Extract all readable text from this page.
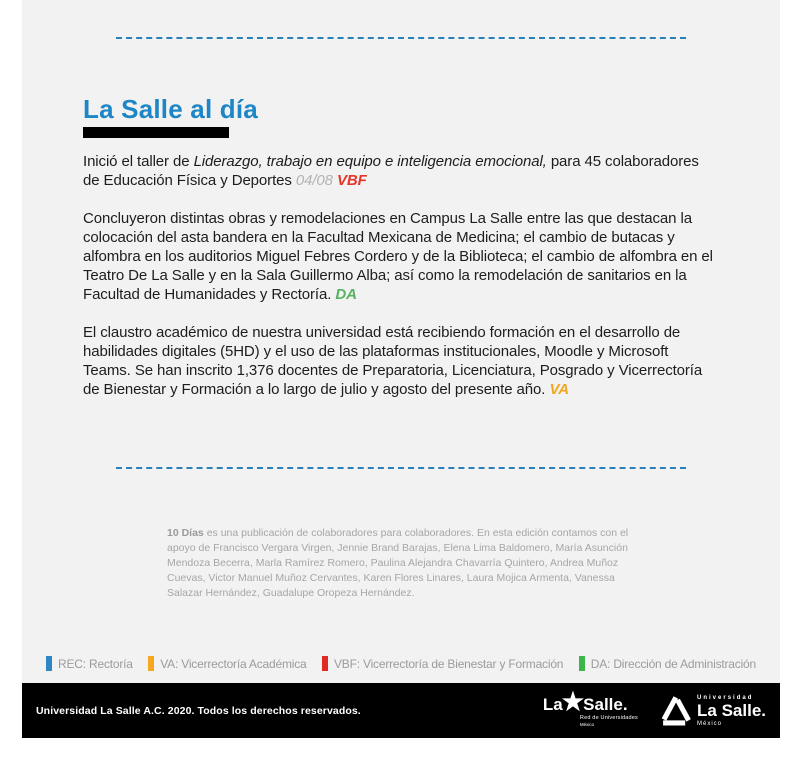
La Salle al día

Inició el taller de Liderazgo, trabajo en equipo e inteligencia emocional, para 45 colaboradores de Educación Física y Deportes 04/08 VBF

Concluyeron distintas obras y remodelaciones en Campus La Salle entre las que destacan la colocación del asta bandera en la Facultad Mexicana de Medicina; el cambio de butacas y alfombra en los auditorios Miguel Febres Cordero y de la Biblioteca; el cambio de alfombra en el Teatro De La Salle y en la Sala Guillermo Alba; así como la remodelación de sanitarios en la Facultad de Humanidades y Rectoría. DA

El claustro académico de nuestra universidad está recibiendo formación en el desarrollo de habilidades digitales (5HD) y el uso de las plataformas institucionales, Moodle y Microsoft Teams. Se han inscrito 1,376 docentes de Preparatoria, Licenciatura, Posgrado y Vicerrectoría de Bienestar y Formación a lo largo de julio y agosto del presente año. VA

10 Días es una publicación de colaboradores para colaboradores. En esta edición contamos con el apoyo de Francisco Vergara Virgen, Jennie Brand Barajas, Elena Lima Baldomero, María Asunción Mendoza Becerra, Marla Ramírez Romero, Paulina Alejandra Chavarría Quintero, Andrea Muñoz Cuevas, Victor Manuel Muñoz Cervantes, Karen Flores Linares, Laura Mojica Armenta, Vanessa Salazar Hernández, Guadalupe Oropeza Hernández.

REC: Rectoría VA: Vicerrectoría Académica VBF: Vicerrectoría de Bienestar y Formación DA: Dirección de Administración
Universidad La Salle A.C. 2020. Todos los derechos reservados.	La ★ Salle.
Red de Universidades
México
Universidad
La Salle.
México
